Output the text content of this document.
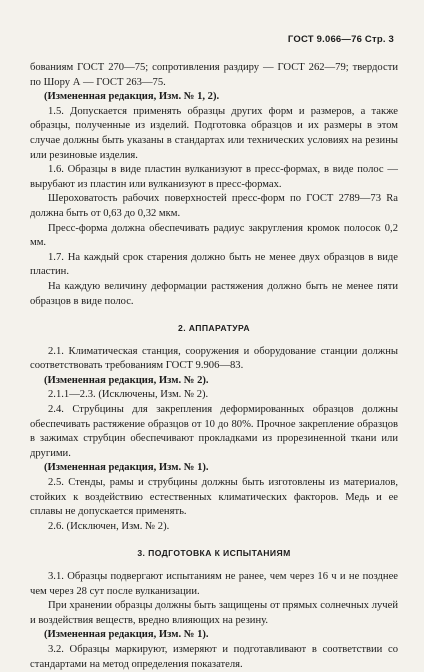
ГОСТ 9.066—76 Стр. 3
бованиям ГОСТ 270—75; сопротивления раздиру — ГОСТ 262—79; твердости по Шору А — ГОСТ 263—75.
(Измененная редакция, Изм. № 1, 2).
1.5. Допускается применять образцы других форм и размеров, а также образцы, полученные из изделий. Подготовка образцов и их размеры в этом случае должны быть указаны в стандартах или технических условиях на резины или резиновые изделия.
1.6. Образцы в виде пластин вулканизуют в пресс-формах, в виде полос — вырубают из пластин или вулканизуют в пресс-формах.
Шероховатость рабочих поверхностей пресс-форм по ГОСТ 2789—73 Ra должна быть от 0,63 до 0,32 мкм.
Пресс-форма должна обеспечивать радиус закругления кромок полосок 0,2 мм.
1.7. На каждый срок старения должно быть не менее двух образцов в виде пластин.
На каждую величину деформации растяжения должно быть не менее пяти образцов в виде полос.
2. АППАРАТУРА
2.1. Климатическая станция, сооружения и оборудование станции должны соответствовать требованиям ГОСТ 9.906—83.
(Измененная редакция, Изм. № 2).
2.1.1—2.3. (Исключены, Изм. № 2).
2.4. Струбцины для закрепления деформированных образцов должны обеспечивать растяжение образцов от 10 до 80%. Прочное закрепление образцов в зажимах струбцин обеспечивают прокладками из прорезиненной ткани или другими.
(Измененная редакция, Изм. № 1).
2.5. Стенды, рамы и струбцины должны быть изготовлены из материалов, стойких к воздействию естественных климатических факторов. Медь и ее сплавы не допускается применять.
2.6. (Исключен, Изм. № 2).
3. ПОДГОТОВКА К ИСПЫТАНИЯМ
3.1. Образцы подвергают испытаниям не ранее, чем через 16 ч и не позднее чем через 28 сут после вулканизации.
При хранении образцы должны быть защищены от прямых солнечных лучей и воздействия веществ, вредно влияющих на резину.
(Измененная редакция, Изм. № 1).
3.2. Образцы маркируют, измеряют и подготавливают в соответствии со стандартами на метод определения показателя.
